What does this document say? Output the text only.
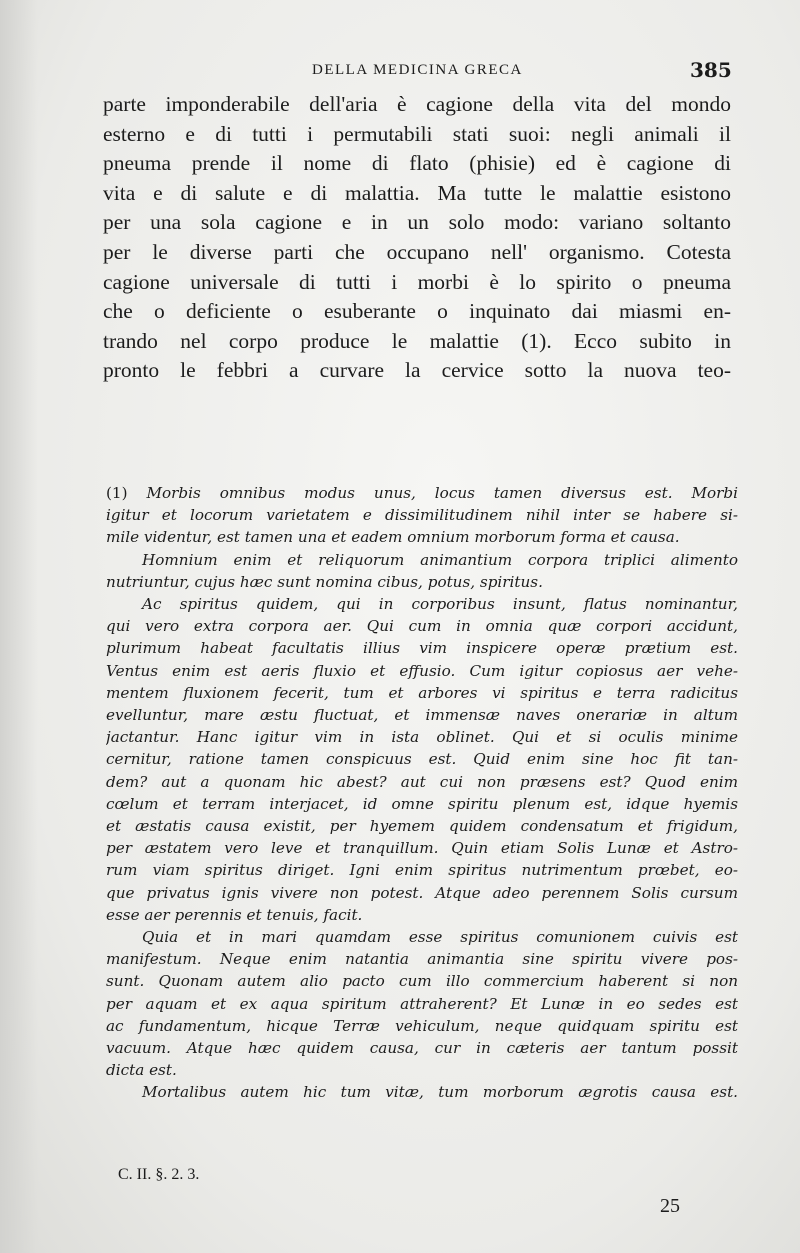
DELLA MEDICINA GRECA	385
parte imponderabile dell'aria è cagione della vita del mondo
esterno e di tutti i permutabili stati suoi: negli animali il
pneuma prende il nome di flato (phisie) ed è cagione di
vita e di salute e di malattia. Ma tutte le malattie esistono
per una sola cagione e in un solo modo: variano soltanto
per le diverse parti che occupano nell' organismo. Cotesta
cagione universale di tutti i morbi è lo spirito o pneuma
che o deficiente o esuberante o inquinato dai miasmi en-
trando nel corpo produce le malattie (1). Ecco subito in
pronto le febbri a curvare la cervice sotto la nuova teo-
(1) Morbis omnibus modus unus, locus tamen diversus est. Morbi
igitur et locorum varietatem e dissimilitudinem nihil inter se habere si-
mile videntur, est tamen una et eadem omnium morborum forma et causa.
Homnium enim et reliquorum animantium corpora triplici alimento
nutriuntur, cujus hæc sunt nomina cibus, potus, spiritus.
Ac spiritus quidem, qui in corporibus insunt, flatus nominantur,
qui vero extra corpora aer. Qui cum in omnia quæ corpori accidunt,
plurimum habeat facultatis illius vim inspicere operæ prætium est.
Ventus enim est aeris fluxio et effusio. Cum igitur copiosus aer vehe-
mentem fluxionem fecerit, tum et arbores vi spiritus e terra radicitus
evelluntur, mare æstu fluctuat, et immensæ naves onerariæ in altum
jactantur. Hanc igitur vim in ista oblinet. Qui et si oculis minime
cernitur, ratione tamen conspicuus est. Quid enim sine hoc fit tan-
dem? aut a quonam hic abest? aut cui non præsens est? Quod enim
cœlum et terram interjacet, id omne spiritu plenum est, idque hyemis
et æstatis causa existit, per hyemem quidem condensatum et frigidum,
per æstatem vero leve et tranquillum. Quin etiam Solis Lunæ et Astro-
rum viam spiritus diriget. Igni enim spiritus nutrimentum prœbet, eo-
que privatus ignis vivere non potest. Atque adeo perennem Solis cursum
esse aer perennis et tenuis, facit.
Quia et in mari quamdam esse spiritus comunionem cuivis est
manifestum. Neque enim natantia animantia sine spiritu vivere pos-
sunt. Quonam autem alio pacto cum illo commercium haberent si non
per aquam et ex aqua spiritum attraherent? Et Lunæ in eo sedes est
ac fundamentum, hicque Terræ vehiculum, neque quidquam spiritu est
vacuum. Atque hæc quidem causa, cur in cæteris aer tantum possit
dicta est.
Mortalibus autem hic tum vitæ, tum morborum ægrotis causa est.
C. II. §. 2. 3.
25
